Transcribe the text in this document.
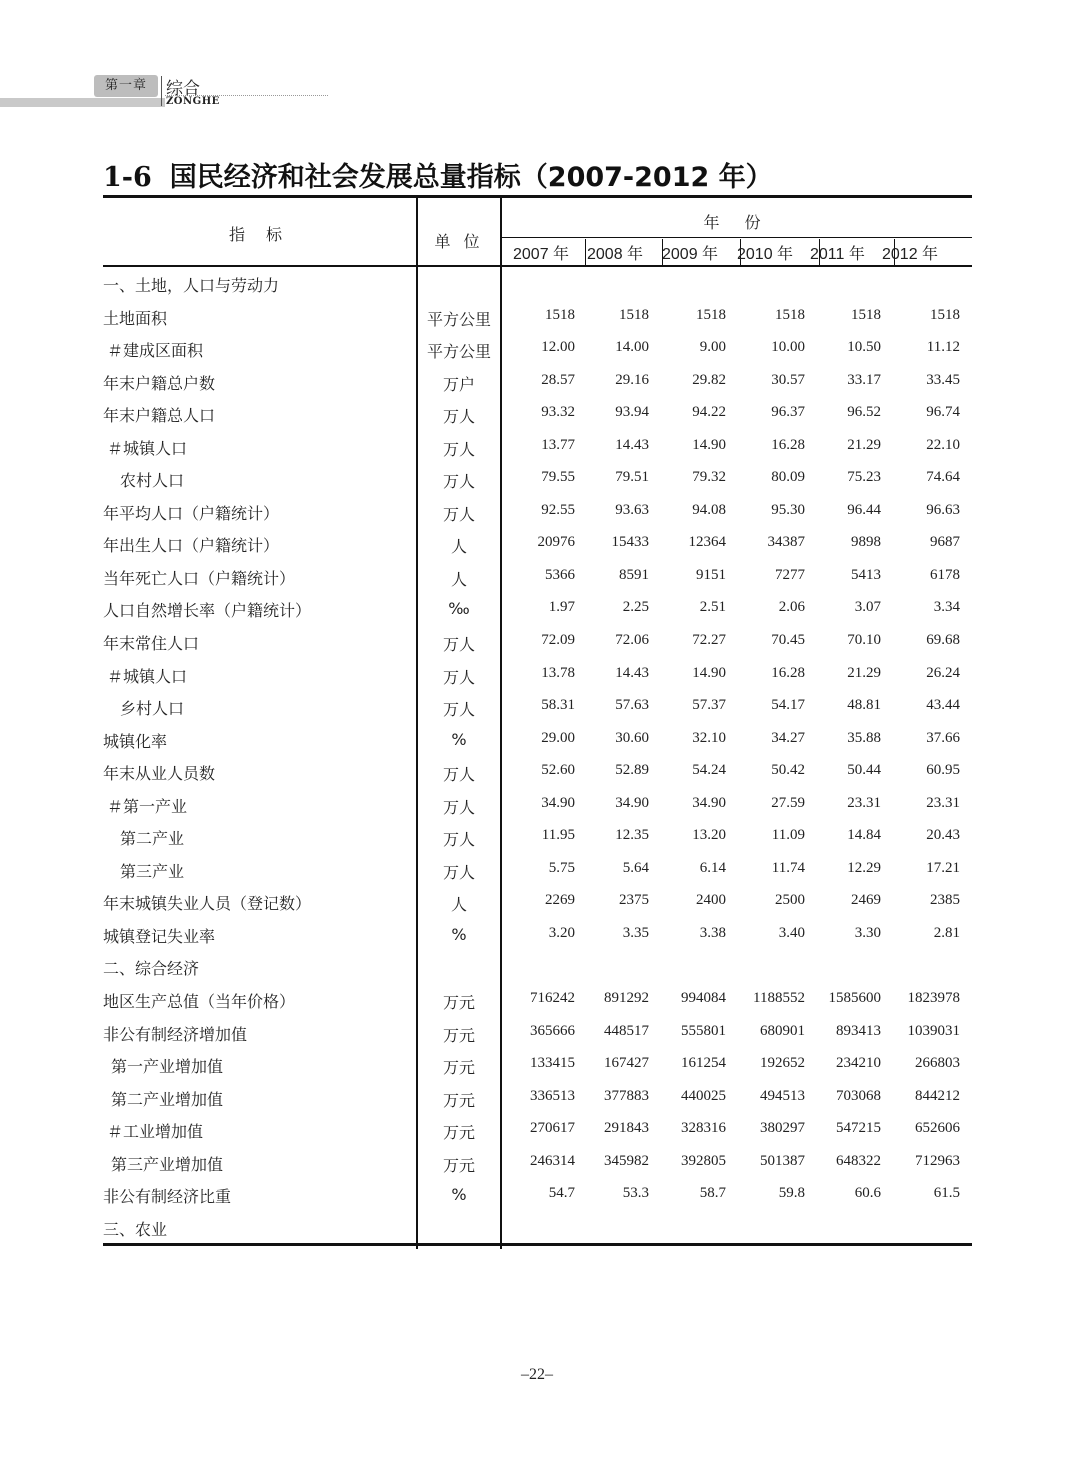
第一章	综合
ZONGHE
1-6 国民经济和社会发展总量指标（2007-2012 年）
指 标	单 位
年 份
2007 年 2008 年 2009 年 2010 年 2011 年 2012 年
一、土地，人口与劳动力
土地面积	平方公里	1518	1518	1518	1518	1518	1518
＃建成区面积	平方公里	12.00	14.00	9.00	10.00	10.50	11.12
年末户籍总户数	万户	28.57	29.16	29.82	30.57	33.17	33.45
年末户籍总人口	万人	93.32	93.94	94.22	96.37	96.52	96.74
＃城镇人口	万人	13.77	14.43	14.90	16.28	21.29	22.10
农村人口	万人	79.55	79.51	79.32	80.09	75.23	74.64
年平均人口（户籍统计）	万人	92.55	93.63	94.08	95.30	96.44	96.63
年出生人口（户籍统计）	人	20976	15433	12364	34387	9898	9687
当年死亡人口（户籍统计）	人	5366	8591	9151	7277	5413	6178
人口自然增长率（户籍统计）	‰	1.97	2.25	2.51	2.06	3.07	3.34
年末常住人口	万人	72.09	72.06	72.27	70.45	70.10	69.68
＃城镇人口	万人	13.78	14.43	14.90	16.28	21.29	26.24
乡村人口	万人	58.31	57.63	57.37	54.17	48.81	43.44
城镇化率	%	29.00	30.60	32.10	34.27	35.88	37.66
年末从业人员数	万人	52.60	52.89	54.24	50.42	50.44	60.95
＃第一产业	万人	34.90	34.90	34.90	27.59	23.31	23.31
第二产业	万人	11.95	12.35	13.20	11.09	14.84	20.43
第三产业	万人	5.75	5.64	6.14	11.74	12.29	17.21
年末城镇失业人员（登记数）	人	2269	2375	2400	2500	2469	2385
城镇登记失业率	%	3.20	3.35	3.38	3.40	3.30	2.81
二、综合经济
地区生产总值（当年价格）	万元	716242	891292	994084	1188552	1585600	1823978
非公有制经济增加值	万元	365666	448517	555801	680901	893413	1039031
第一产业增加值	万元	133415	167427	161254	192652	234210	266803
第二产业增加值	万元	336513	377883	440025	494513	703068	844212
＃工业增加值	万元	270617	291843	328316	380297	547215	652606
第三产业增加值	万元	246314	345982	392805	501387	648322	712963
非公有制经济比重	%	54.7	53.3	58.7	59.8	60.6	61.5
三、农业
–22–
